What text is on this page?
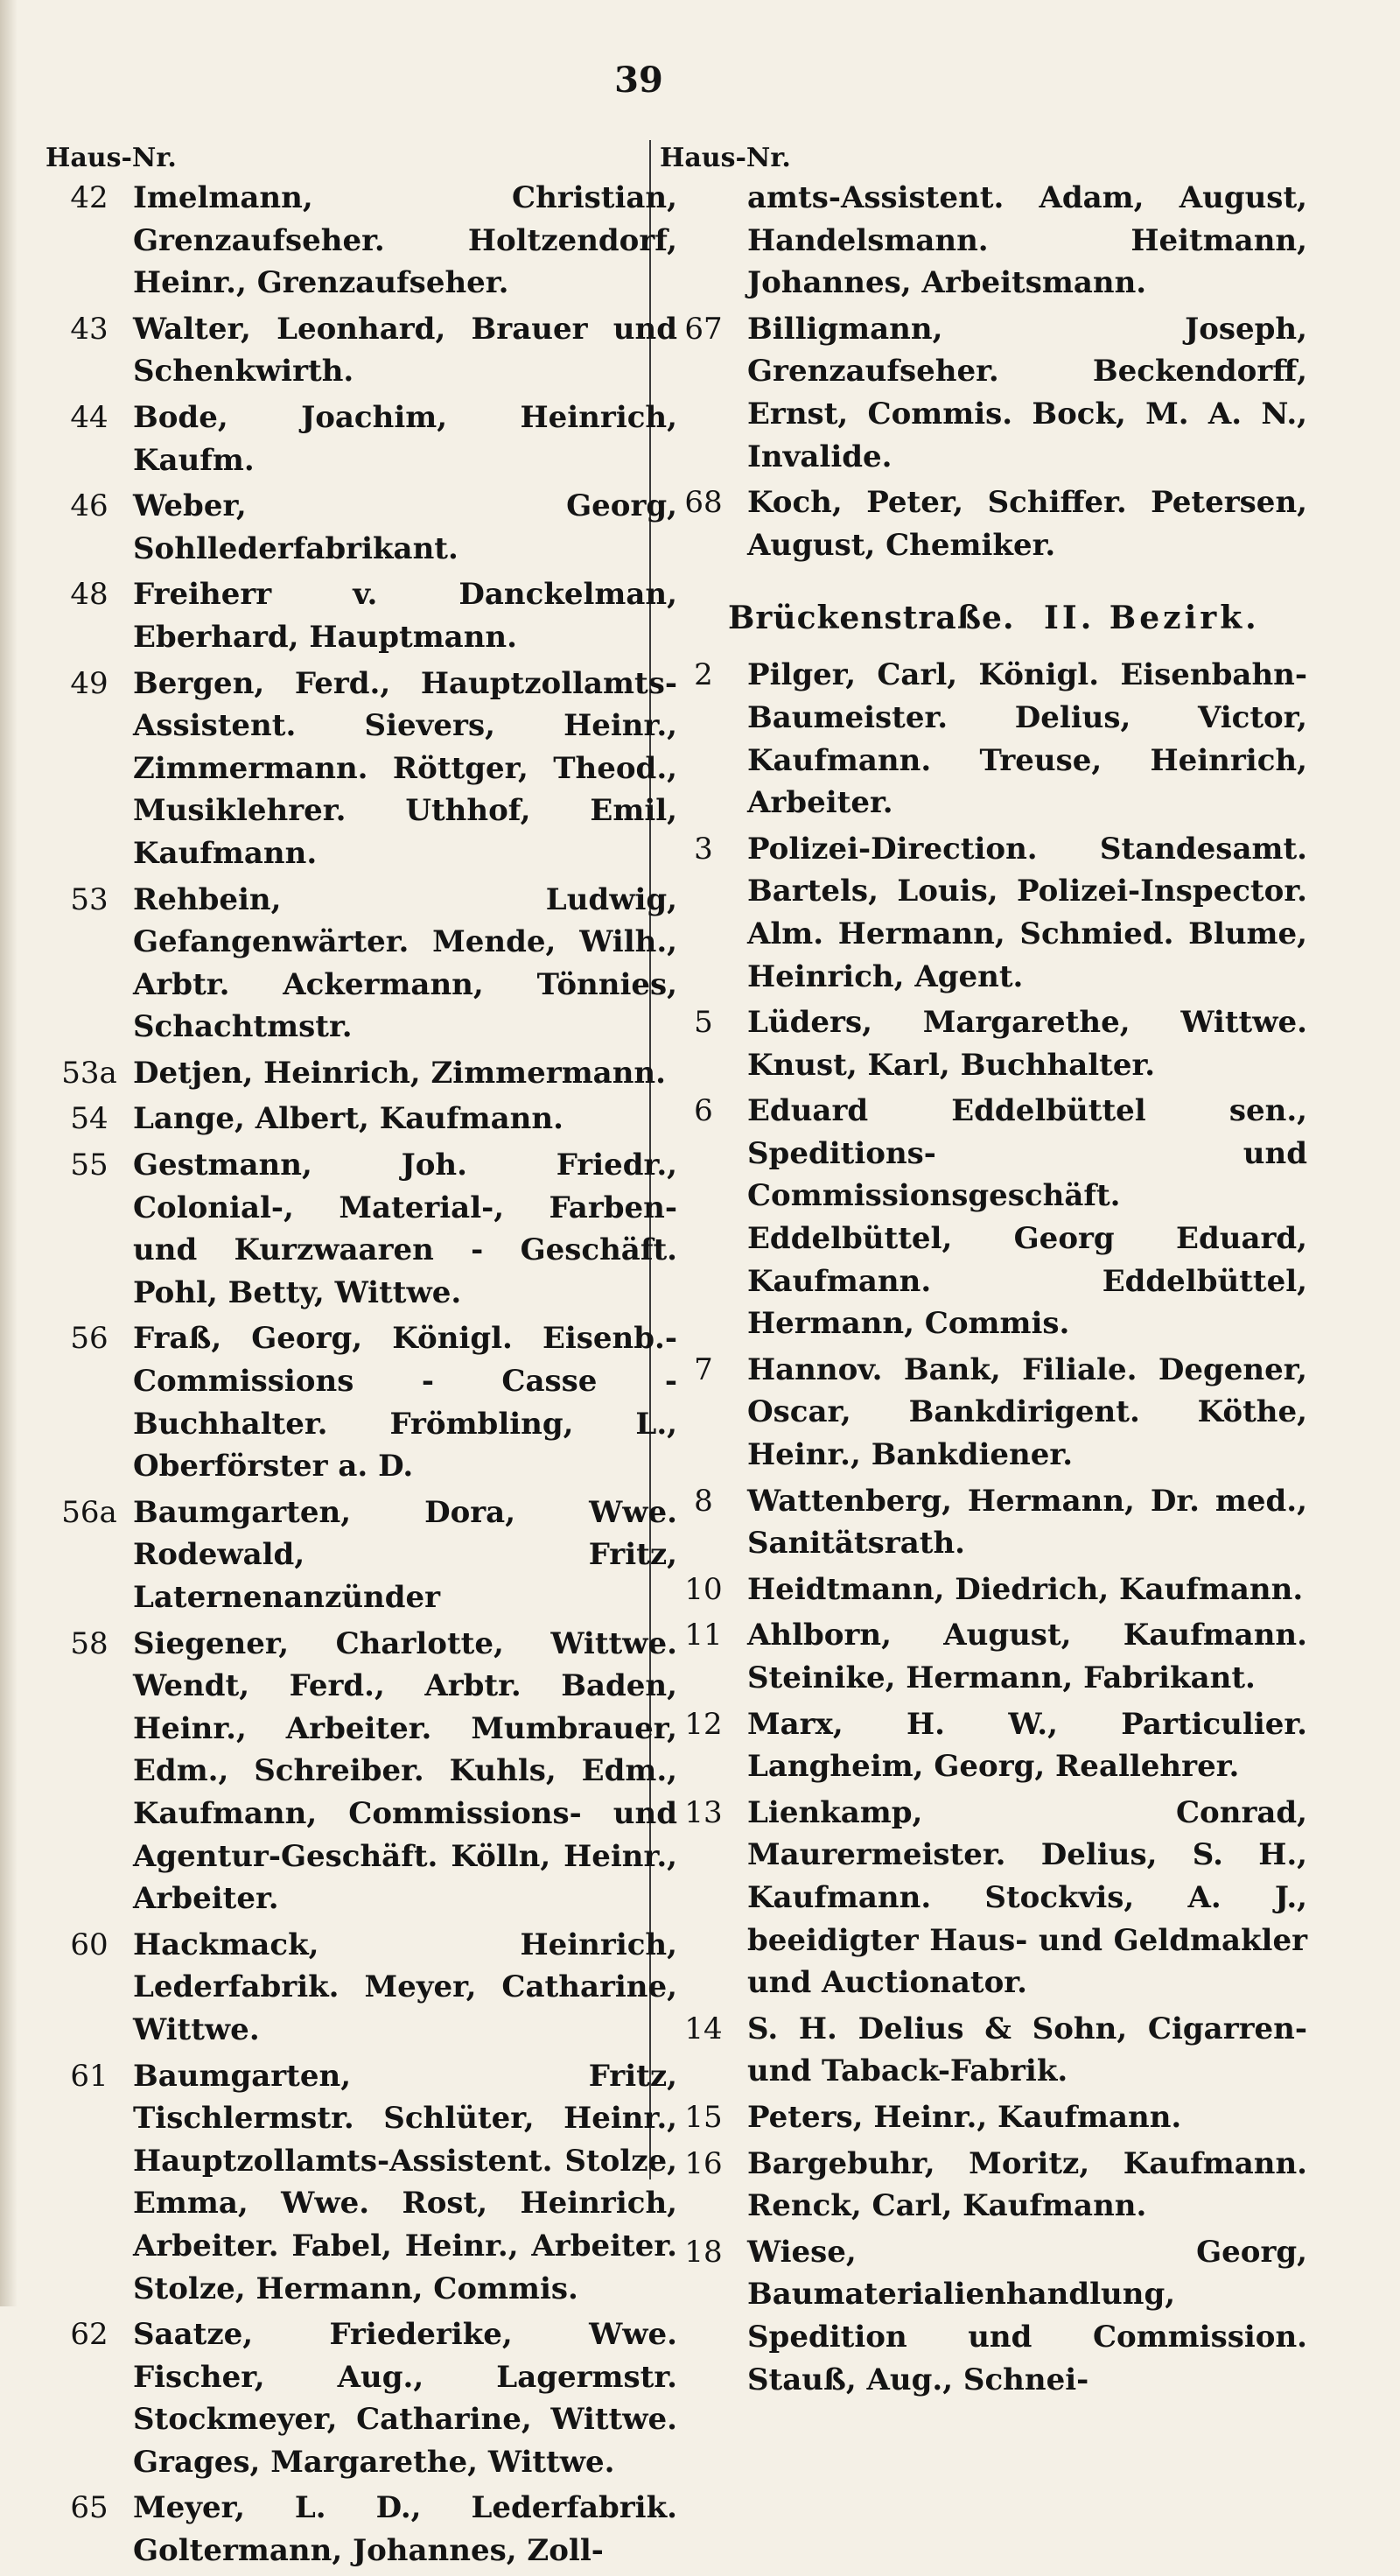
39
Haus-Nr.
42 Imelmann, Christian, Grenzaufseher. Holtzendorf, Heinr., Grenzaufseher.
43 Walter, Leonhard, Brauer und Schenkwirth.
44 Bode, Joachim, Heinrich, Kaufm.
46 Weber, Georg, Sohllederfabrikant.
48 Freiherr v. Danckelman, Eberhard, Hauptmann.
49 Bergen, Ferd., Hauptzollamts-Assistent. Sievers, Heinr., Zimmermann. Röttger, Theod., Musiklehrer. Uthhof, Emil, Kaufmann.
53 Rehbein, Ludwig, Gefangenwärter. Mende, Wilh., Arbtr. Ackermann, Tönnies, Schachtmstr.
53a Detjen, Heinrich, Zimmermann.
54 Lange, Albert, Kaufmann.
55 Gestmann, Joh. Friedr., Colonial-, Material-, Farben- und Kurzwaaren - Geschäft. Pohl, Betty, Wittwe.
56 Fraß, Georg, Königl. Eisenb.-Commissions - Casse - Buchhalter. Frömbling, L., Oberförster a. D.
56a Baumgarten, Dora, Wwe. Rodewald, Fritz, Laternenanzünder
58 Siegener, Charlotte, Wittwe. Wendt, Ferd., Arbtr. Baden, Heinr., Arbeiter. Mumbrauer, Edm., Schreiber. Kuhls, Edm., Kaufmann, Commissions- und Agentur-Geschäft. Kölln, Heinr., Arbeiter.
60 Hackmack, Heinrich, Lederfabrik. Meyer, Catharine, Wittwe.
61 Baumgarten, Fritz, Tischlermstr. Schlüter, Heinr., Hauptzollamts-Assistent. Stolze, Emma, Wwe. Rost, Heinrich, Arbeiter. Fabel, Heinr., Arbeiter. Stolze, Hermann, Commis.
62 Saatze, Friederike, Wwe. Fischer, Aug., Lagermstr. Stockmeyer, Catharine, Wittwe. Grages, Margarethe, Wittwe.
65 Meyer, L. D., Lederfabrik. Goltermann, Johannes, Zoll-
Haus-Nr.
amts-Assistent. Adam, August, Handelsmann. Heitmann, Johannes, Arbeitsmann.
67 Billigmann, Joseph, Grenzaufseher. Beckendorff, Ernst, Commis. Bock, M. A. N., Invalide.
68 Koch, Peter, Schiffer. Petersen, August, Chemiker.
Brückenstraße. II. Bezirk.
2	Pilger, Carl, Königl. Eisenbahn-Baumeister. Delius, Victor, Kaufmann. Treuse, Heinrich, Arbeiter.
3	Polizei-Direction. Standesamt. Bartels, Louis, Polizei-Inspector. Alm. Hermann, Schmied. Blume, Heinrich, Agent.
5	Lüders, Margarethe, Wittwe. Knust, Karl, Buchhalter.
6	Eduard Eddelbüttel sen., Speditions- und Commissionsgeschäft. Eddelbüttel, Georg Eduard, Kaufmann. Eddelbüttel, Hermann, Commis.
7	Hannov. Bank, Filiale. Degener, Oscar, Bankdirigent. Köthe, Heinr., Bankdiener.
8	Wattenberg, Hermann, Dr. med., Sanitätsrath.
10 Heidtmann, Diedrich, Kaufmann.
11 Ahlborn, August, Kaufmann. Steinike, Hermann, Fabrikant.
12 Marx, H. W., Particulier. Langheim, Georg, Reallehrer.
13 Lienkamp, Conrad, Maurermeister. Delius, S. H., Kaufmann. Stockvis, A. J., beeidigter Haus- und Geldmakler und Auctionator.
14 S. H. Delius & Sohn, Cigarren- und Taback-Fabrik.
15 Peters, Heinr., Kaufmann.
16 Bargebuhr, Moritz, Kaufmann. Renck, Carl, Kaufmann.
18 Wiese, Georg, Baumaterialienhandlung, Spedition und Commission. Stauß, Aug., Schnei-
